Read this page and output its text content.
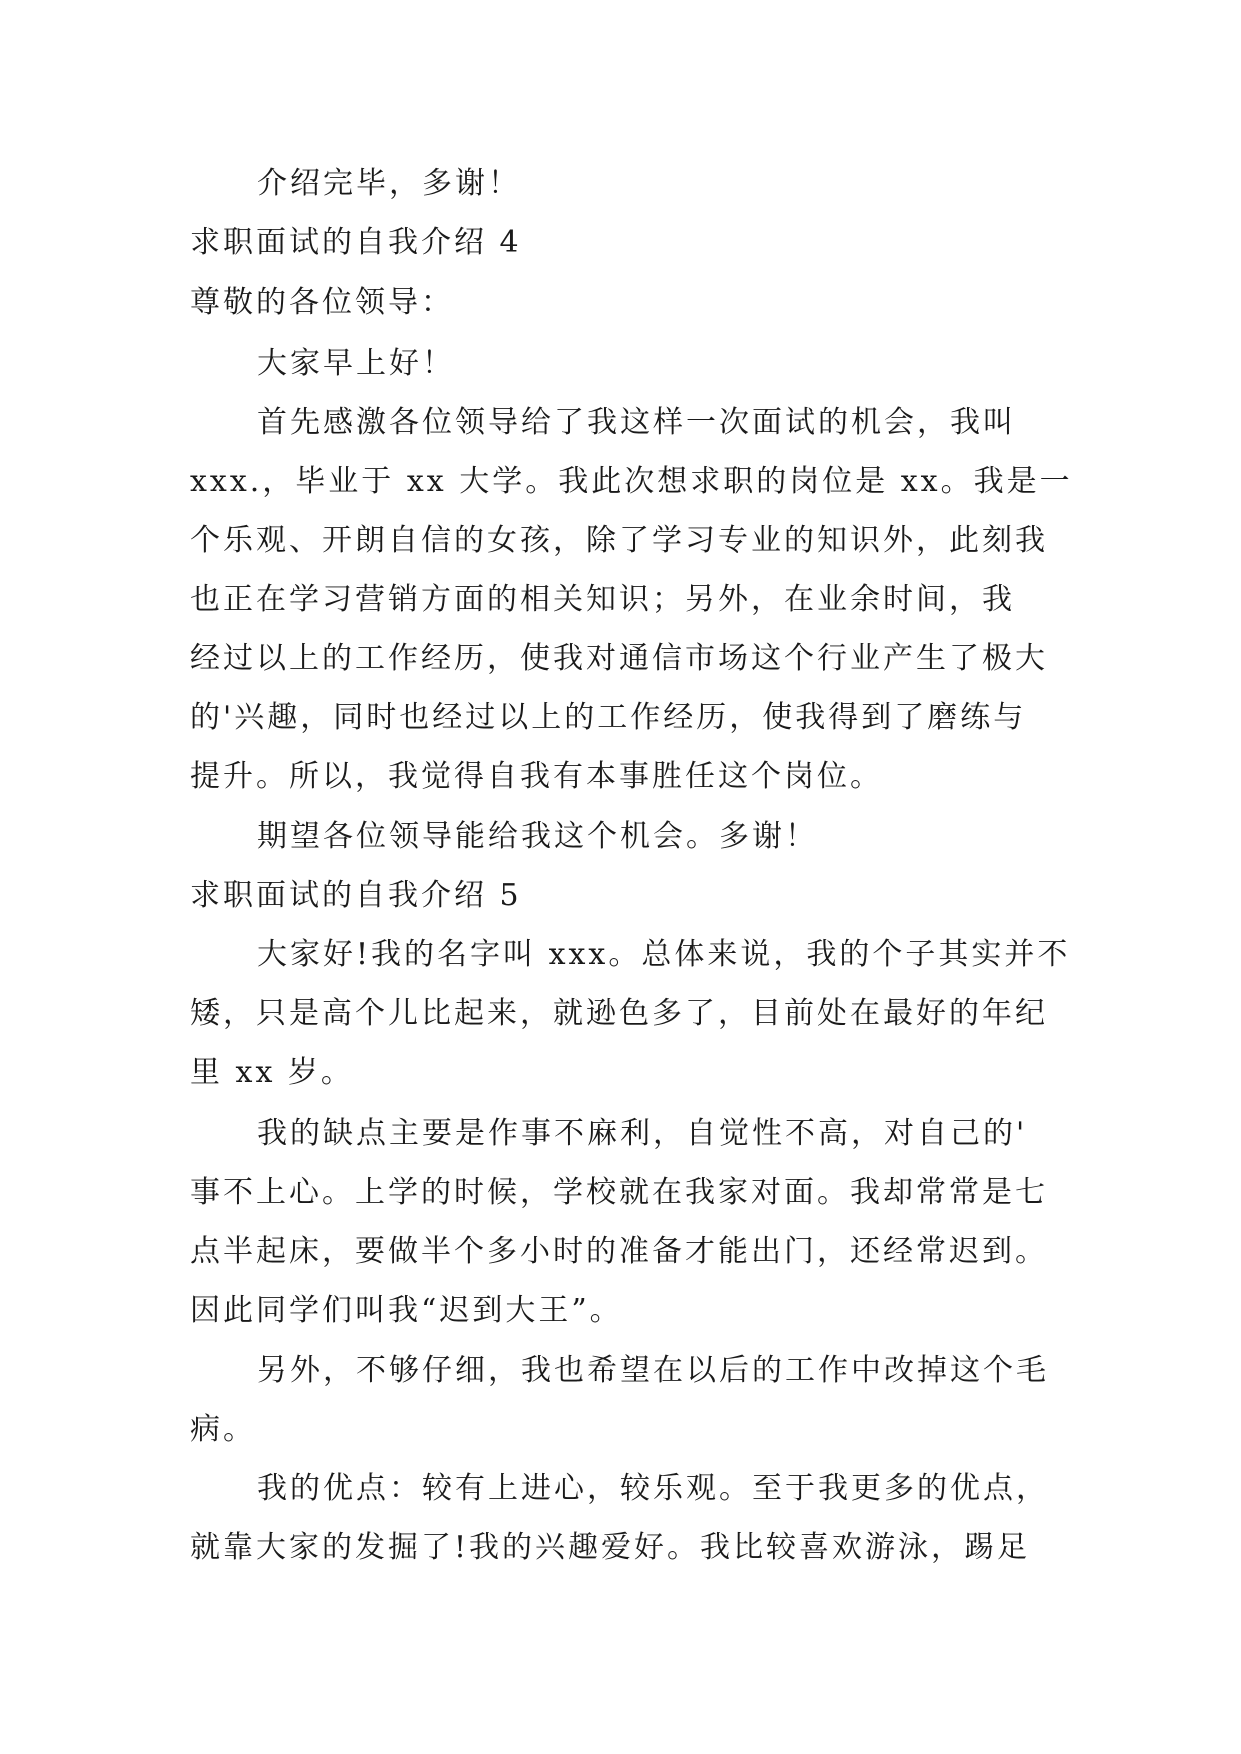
介绍完毕，多谢！
求职面试的自我介绍 4
尊敬的各位领导：
大家早上好！
首先感激各位领导给了我这样一次面试的机会，我叫
xxx.，毕业于 xx 大学。我此次想求职的岗位是 xx。我是一
个乐观、开朗自信的女孩，除了学习专业的知识外，此刻我
也正在学习营销方面的相关知识；另外，在业余时间，我
经过以上的工作经历，使我对通信市场这个行业产生了极大
的'兴趣，同时也经过以上的工作经历，使我得到了磨练与
提升。所以，我觉得自我有本事胜任这个岗位。
期望各位领导能给我这个机会。多谢！
求职面试的自我介绍 5
大家好!我的名字叫 xxx。总体来说，我的个子其实并不
矮，只是高个儿比起来，就逊色多了，目前处在最好的年纪
里 xx 岁。
我的缺点主要是作事不麻利，自觉性不高，对自己的'
事不上心。上学的时候，学校就在我家对面。我却常常是七
点半起床，要做半个多小时的准备才能出门，还经常迟到。
因此同学们叫我“迟到大王”。
另外，不够仔细，我也希望在以后的工作中改掉这个毛
病。
我的优点：较有上进心，较乐观。至于我更多的优点，
就靠大家的发掘了!我的兴趣爱好。我比较喜欢游泳，踢足
